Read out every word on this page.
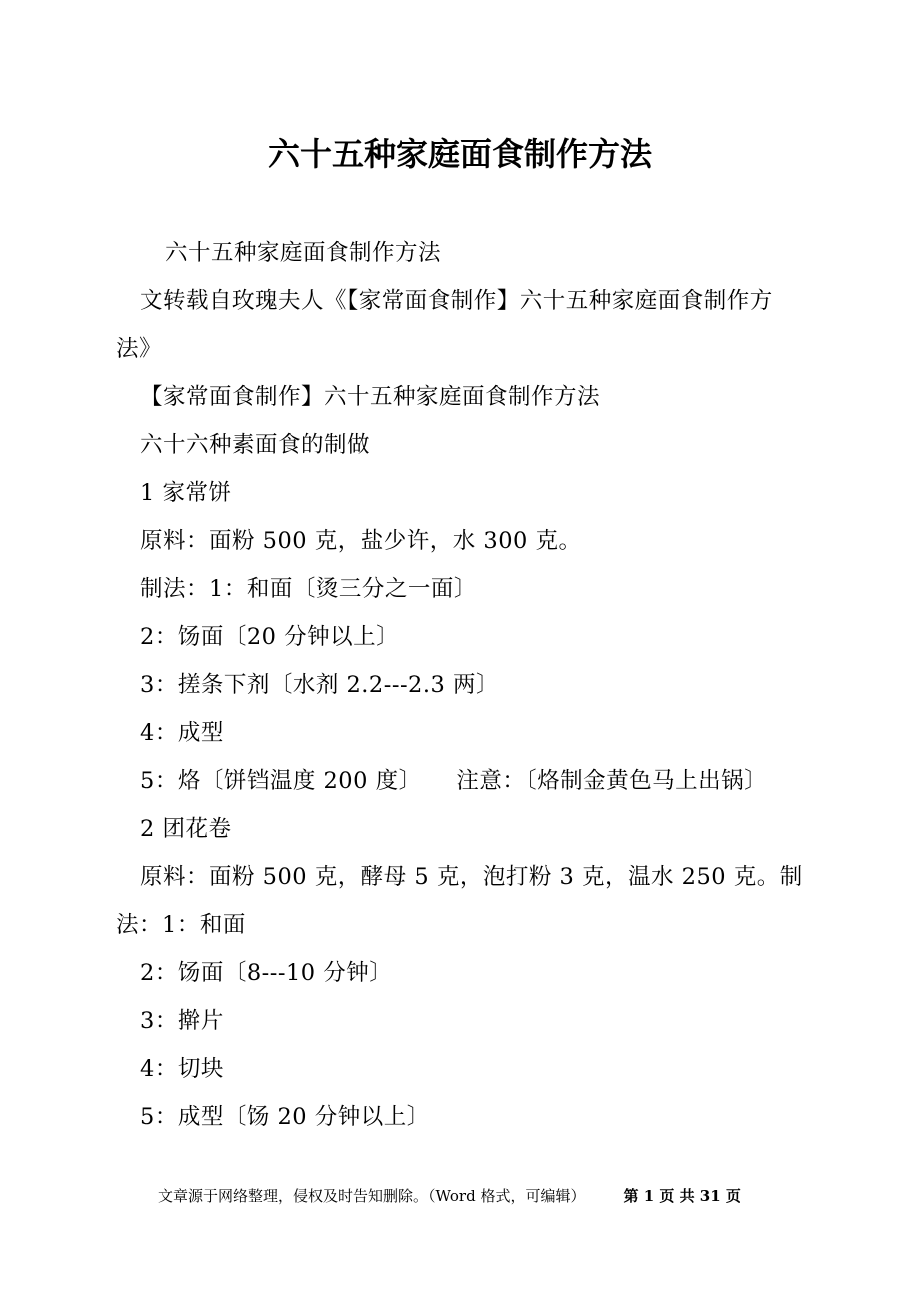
六十五种家庭面食制作方法
六十五种家庭面食制作方法
文转载自玫瑰夫人《【家常面食制作】六十五种家庭面食制作方
法》
【家常面食制作】六十五种家庭面食制作方法
六十六种素面食的制做
1 家常饼
原料：面粉 500 克，盐少许，水 300 克。
制法：1：和面〔烫三分之一面〕
2：饧面〔20 分钟以上〕
3：搓条下剂〔水剂 2.2---2.3 两〕
4：成型
5：烙〔饼铛温度 200 度〕　　注意：〔烙制金黄色马上出锅〕
2 团花卷
原料：面粉 500 克，酵母 5 克，泡打粉 3 克，温水 250 克。制
法：1：和面
2：饧面〔8---10 分钟〕
3：擀片
4：切块
5：成型〔饧 20 分钟以上〕
文章源于网络整理，侵权及时告知删除。（Word 格式，可编辑）	第 1 页 共 31 页
